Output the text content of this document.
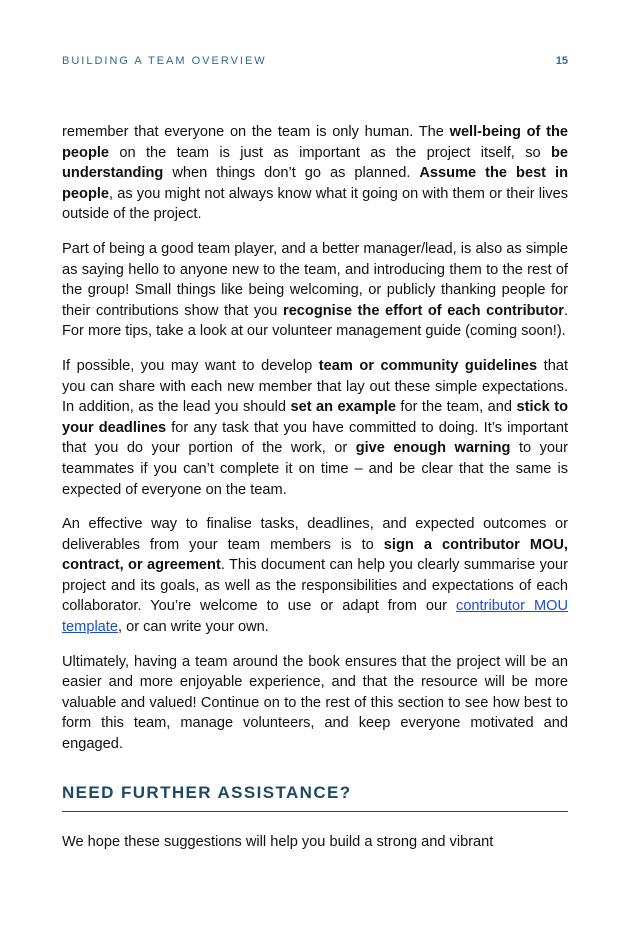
BUILDING A TEAM OVERVIEW	15

remember that everyone on the team is only human. The well-being of the people on the team is just as important as the project itself, so be understanding when things don’t go as planned. Assume the best in people, as you might not always know what it going on with them or their lives outside of the project.

Part of being a good team player, and a better manager/lead, is also as simple as saying hello to anyone new to the team, and introducing them to the rest of the group! Small things like being welcoming, or publicly thanking people for their contributions show that you recognise the effort of each contributor. For more tips, take a look at our volunteer management guide (coming soon!).

If possible, you may want to develop team or community guidelines that you can share with each new member that lay out these simple expectations. In addition, as the lead you should set an example for the team, and stick to your deadlines for any task that you have committed to doing. It’s important that you do your portion of the work, or give enough warning to your teammates if you can’t complete it on time – and be clear that the same is expected of everyone on the team.

An effective way to finalise tasks, deadlines, and expected outcomes or deliverables from your team members is to sign a contributor MOU, contract, or agreement. This document can help you clearly summarise your project and its goals, as well as the responsibilities and expectations of each collaborator. You’re welcome to use or adapt from our contributor MOU template, or can write your own.

Ultimately, having a team around the book ensures that the project will be an easier and more enjoyable experience, and that the resource will be more valuable and valued! Continue on to the rest of this section to see how best to form this team, manage volunteers, and keep everyone motivated and engaged.

NEED FURTHER ASSISTANCE?

We hope these suggestions will help you build a strong and vibrant
